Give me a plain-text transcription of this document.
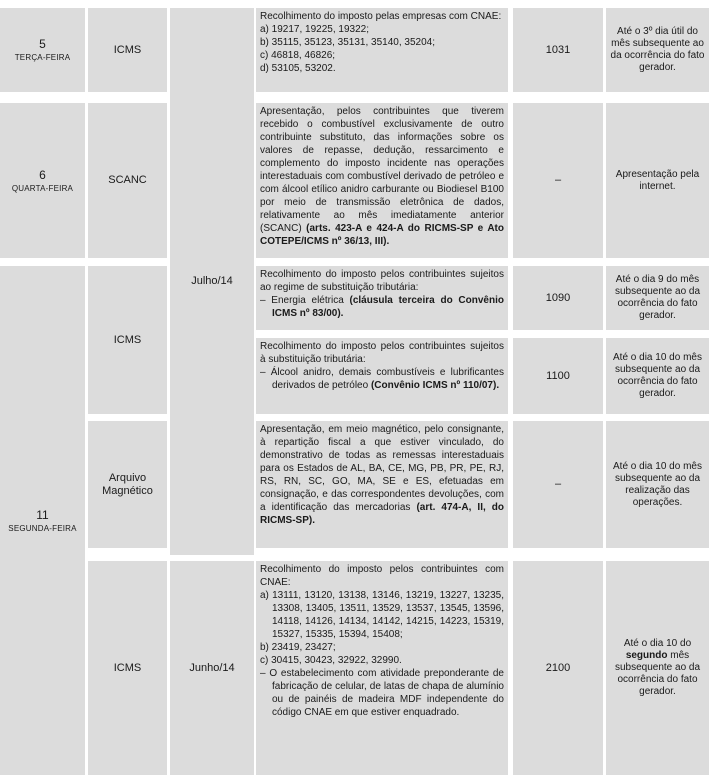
5
TERÇA-FEIRA
ICMS

Recolhimento do imposto pelas empresas com CNAE:

a) 19217, 19225, 19322;

b) 35115, 35123, 35131, 35140, 35204;

c) 46818, 46826;

d) 53105, 53202.

1031
Até o 3º dia útil do mês subsequente ao da ocorrência do fato gerador.
Julho/14
6
QUARTA-FEIRA
SCANC

Apresentação, pelos contribuintes que tiverem recebido o combustível exclusivamente de outro contribuinte substituto, das informações sobre os valores de repasse, dedução, ressarcimento e complemento do imposto incidente nas operações interestaduais com combustível derivado de petróleo e com álcool etílico anidro carburante ou Biodiesel B100 por meio de transmissão eletrônica de dados, relativamente ao mês imediatamente anterior (SCANC) (arts. 423-A e 424-A do RICMS-SP e Ato COTEPE/ICMS nº 36/13, III).

–	Apresentação pela internet.
11
SEGUNDA-FEIRA
ICMS

Recolhimento do imposto pelos contribuintes sujeitos ao regime de substituição tributária:

– Energia elétrica (cláusula terceira do Convênio ICMS nº 83/00).

1090
Até o dia 9 do mês subsequente ao da ocorrência do fato gerador.

Recolhimento do imposto pelos contribuintes sujeitos à substituição tributária:

– Álcool anidro, demais combustíveis e lubrificantes derivados de petróleo (Convênio ICMS nº 110/07).

1100
Até o dia 10 do mês subsequente ao da ocorrência do fato gerador.
Arquivo Magnético

Apresentação, em meio magnético, pelo consignante, à repartição fiscal a que estiver vinculado, do demonstrativo de todas as remessas interestaduais para os Estados de AL, BA, CE, MG, PB, PR, PE, RJ, RS, RN, SC, GO, MA, SE e ES, efetuadas em consignação, e das correspondentes devoluções, com a identificação das mercadorias (art. 474-A, II, do RICMS-SP).

–
Até o dia 10 do mês subsequente ao da realização das operações.
ICMS	Junho/14

Recolhimento do imposto pelos contribuintes com CNAE:

a) 13111, 13120, 13138, 13146, 13219, 13227, 13235, 13308, 13405, 13511, 13529, 13537, 13545, 13596, 14118, 14126, 14134, 14142, 14215, 14223, 15319, 15327, 15335, 15394, 15408;

b) 23419, 23427;

c) 30415, 30423, 32922, 32990.

– O estabelecimento com atividade preponderante de fabricação de celular, de latas de chapa de alumínio ou de painéis de madeira MDF independente do código CNAE em que estiver enquadrado.

2100
Até o dia 10 do segundo mês subsequente ao da ocorrência do fato gerador.
